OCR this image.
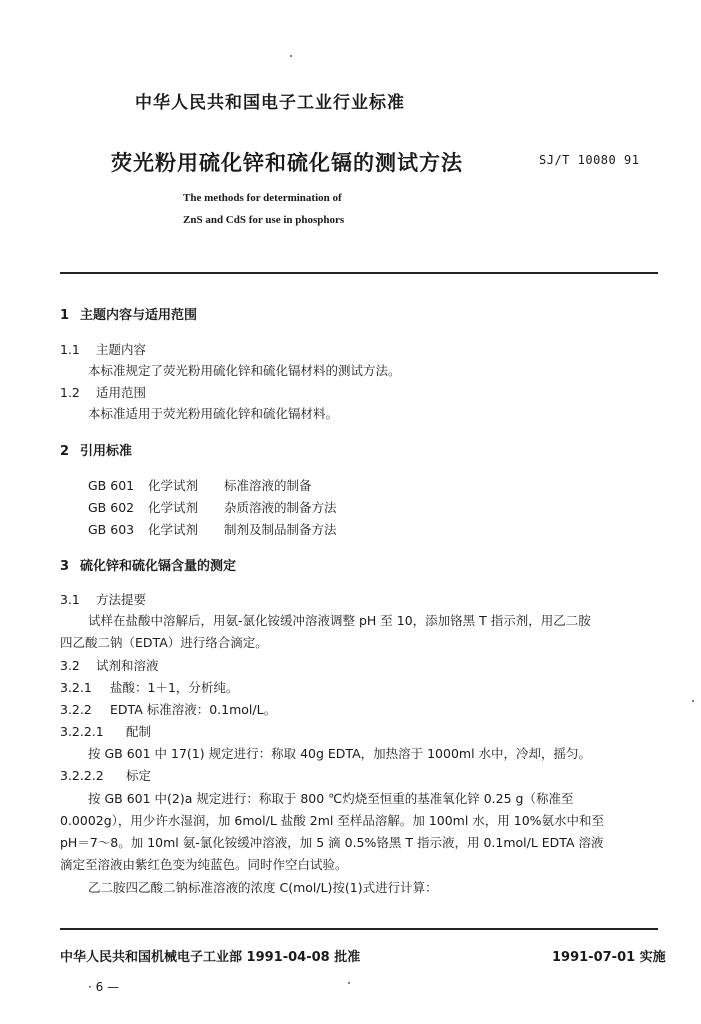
中华人民共和国电子工业行业标准
荧光粉用硫化锌和硫化镉的测试方法	SJ/T 10080 91
The methods for determination of
ZnS and CdS for use in phosphors
1 主题内容与适用范围
1.1 主题内容
本标准规定了荧光粉用硫化锌和硫化镉材料的测试方法。
1.2 适用范围
本标准适用于荧光粉用硫化锌和硫化镉材料。
2 引用标准
GB 601 化学试剂 标准溶液的制备
GB 602 化学试剂 杂质溶液的制备方法
GB 603 化学试剂 制剂及制品制备方法
3 硫化锌和硫化镉含量的测定
3.1 方法提要
试样在盐酸中溶解后，用氨-氯化铵缓冲溶液调整 pH 至 10，添加铬黑 T 指示剂，用乙二胺
四乙酸二钠（EDTA）进行络合滴定。
3.2 试剂和溶液
3.2.1 盐酸：1＋1，分析纯。
3.2.2 EDTA 标准溶液：0.1mol/L。
3.2.2.1 配制
按 GB 601 中 17(1) 规定进行：称取 40g EDTA，加热溶于 1000ml 水中，冷却，摇匀。
3.2.2.2 标定
按 GB 601 中(2)a 规定进行：称取于 800 ℃灼烧至恒重的基准氧化锌 0.25 g（称准至
0.0002g），用少许水湿润，加 6mol/L 盐酸 2ml 至样品溶解。加 100ml 水，用 10%氨水中和至
pH＝7～8。加 10ml 氨-氯化铵缓冲溶液，加 5 滴 0.5%铬黑 T 指示液，用 0.1mol/L EDTA 溶液
滴定至溶液由紫红色变为纯蓝色。同时作空白试验。
乙二胺四乙酸二钠标准溶液的浓度 C(mol/L)按(1)式进行计算：
中华人民共和国机械电子工业部 1991-04-08 批准	1991-07-01 实施
· 6 —
